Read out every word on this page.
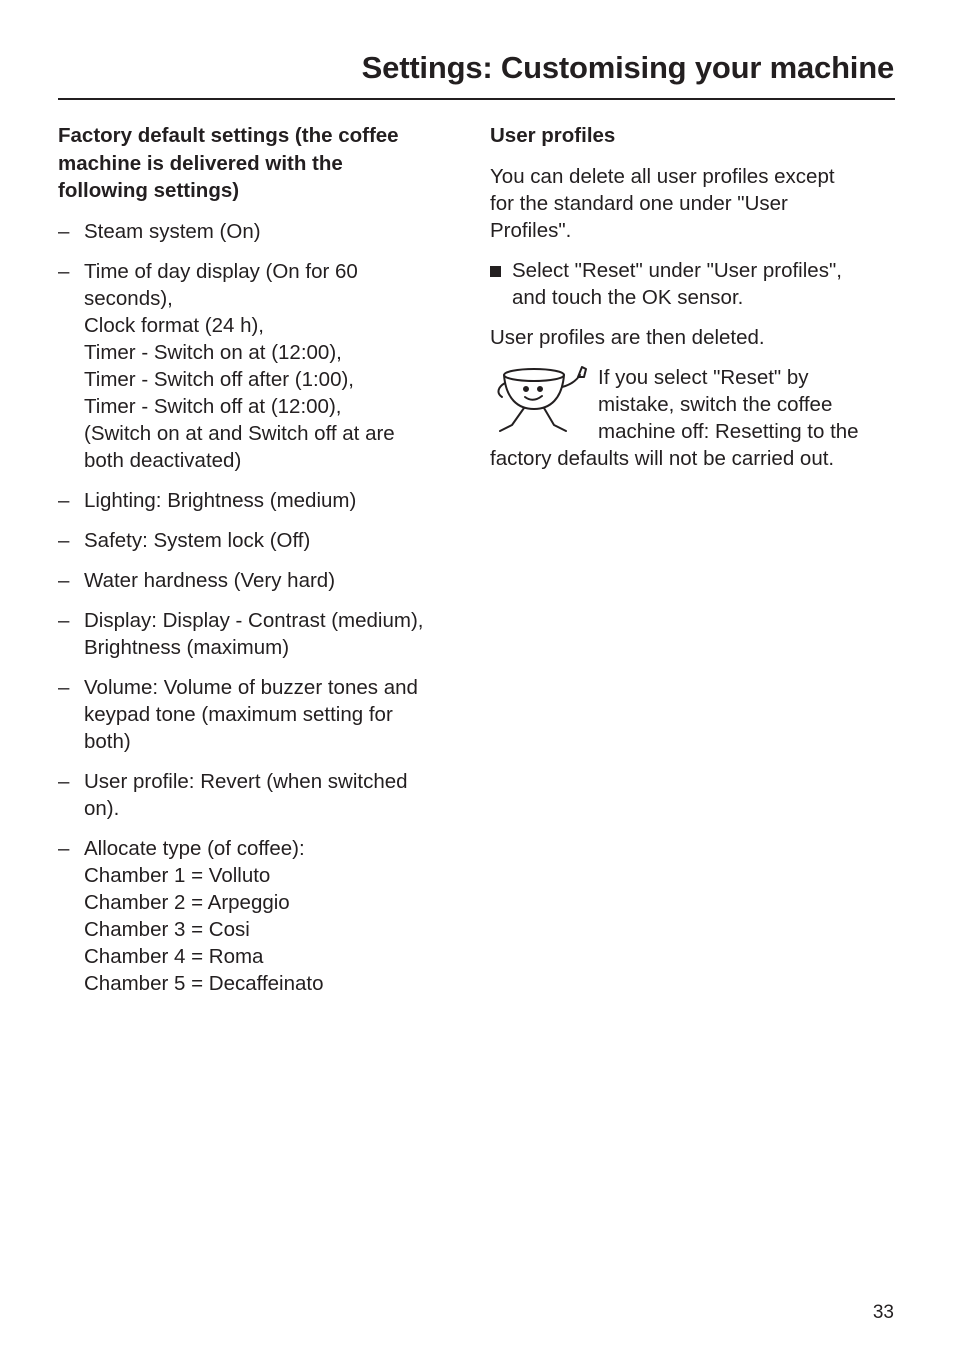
Settings: Customising your machine
Factory default settings (the coffee
machine is delivered with the
following settings)
– Steam system (On)
– Time of day display (On for 60
seconds),
Clock format (24 h),
Timer - Switch on at (12:00),
Timer - Switch off after (1:00),
Timer - Switch off at (12:00),
(Switch on at and Switch off at are
both deactivated)
– Lighting: Brightness (medium)
– Safety: System lock (Off)
– Water hardness (Very hard)
– Display: Display - Contrast (medium),
Brightness (maximum)
– Volume: Volume of buzzer tones and
keypad tone (maximum setting for
both)
– User profile: Revert (when switched
on).
– Allocate type (of coffee):
Chamber 1 = Volluto
Chamber 2 = Arpeggio
Chamber 3 = Cosi
Chamber 4 = Roma
Chamber 5 = Decaffeinato
User profiles

You can delete all user profiles except
for the standard one under "User
Profiles".

Select "Reset" under "User profiles",
and touch the OK sensor.

User profiles are then deleted.

If you select "Reset" by
mistake, switch the coffee
machine off: Resetting to the
factory defaults will not be carried out.
33
